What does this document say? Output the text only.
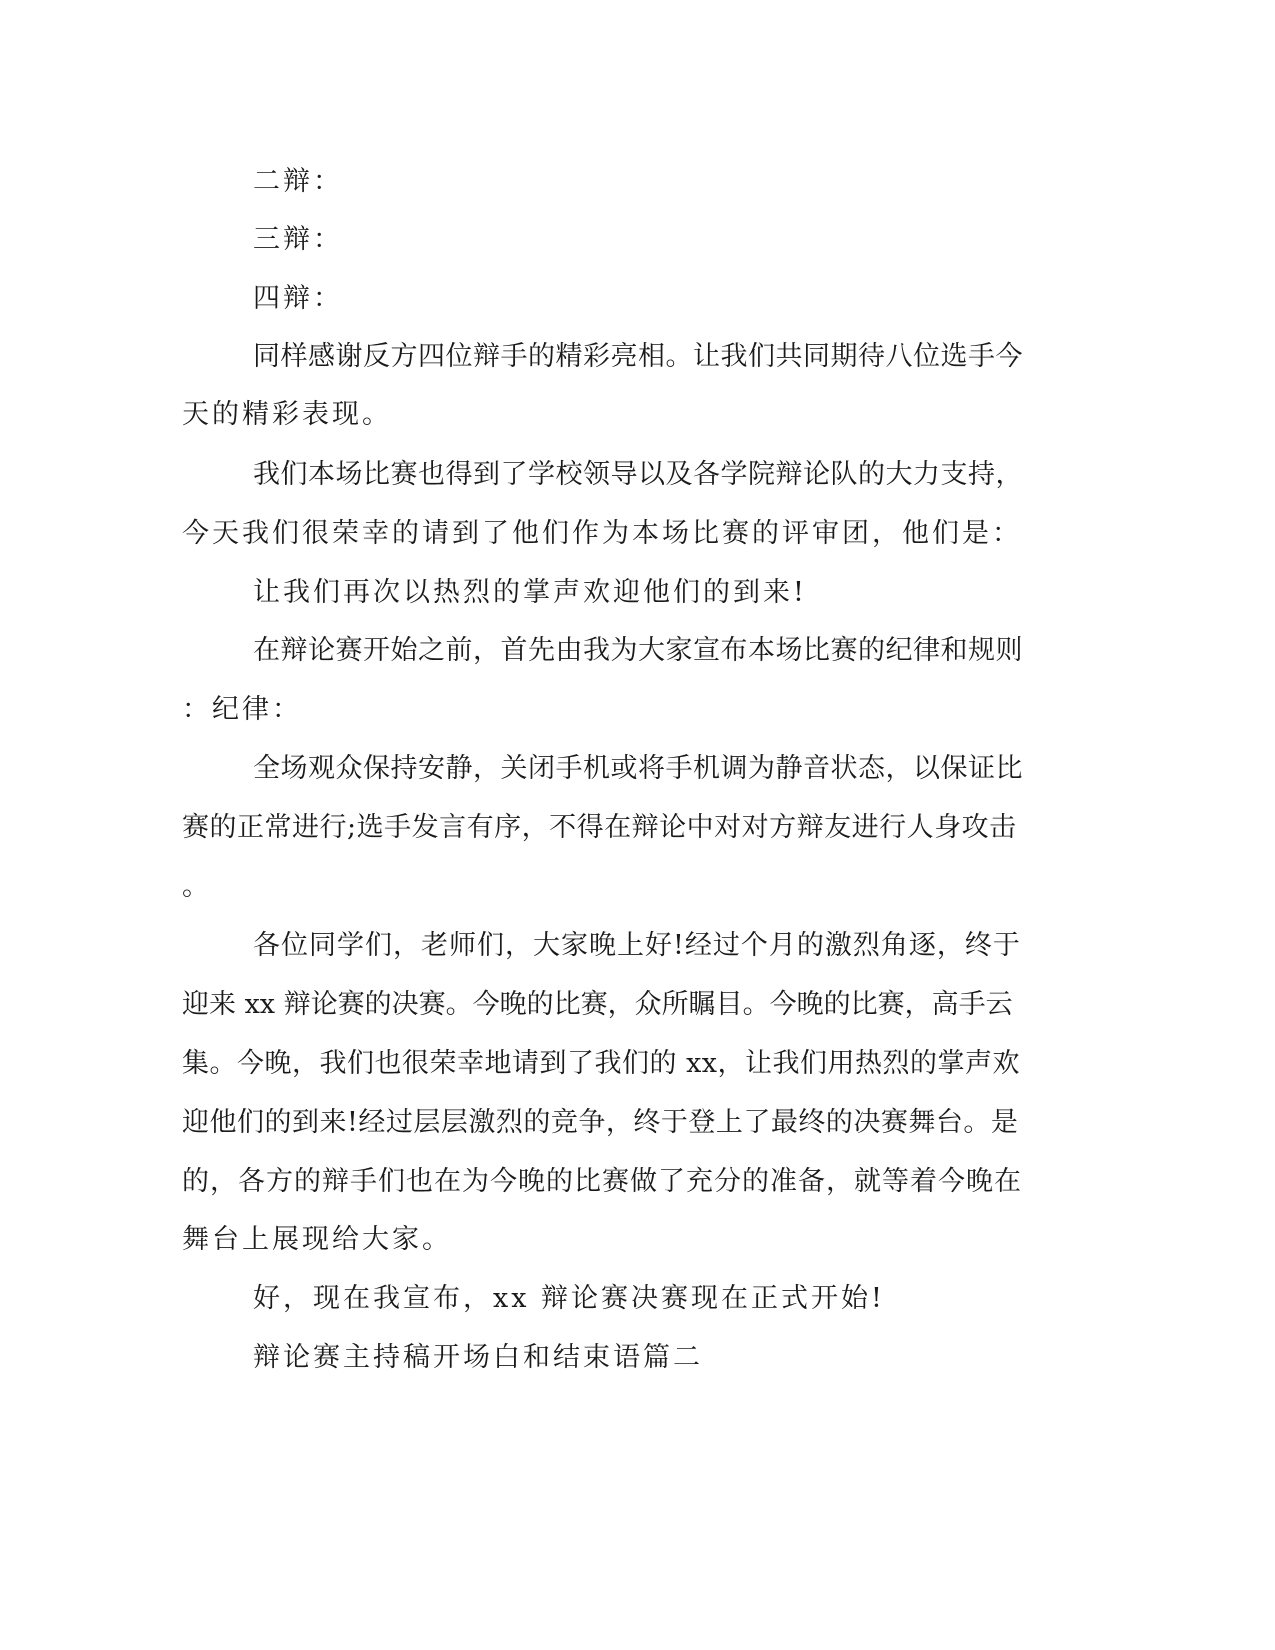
二辩：
三辩：
四辩：
同样感谢反方四位辩手的精彩亮相。让我们共同期待八位选手今
天的精彩表现。
我们本场比赛也得到了学校领导以及各学院辩论队的大力支持，
今天我们很荣幸的请到了他们作为本场比赛的评审团，他们是：
让我们再次以热烈的掌声欢迎他们的到来!
在辩论赛开始之前，首先由我为大家宣布本场比赛的纪律和规则
：纪律：
全场观众保持安静，关闭手机或将手机调为静音状态，以保证比
赛的正常进行;选手发言有序，不得在辩论中对对方辩友进行人身攻击
。
各位同学们，老师们，大家晚上好!经过个月的激烈角逐，终于
迎来 xx 辩论赛的决赛。今晚的比赛，众所瞩目。今晚的比赛，高手云
集。今晚，我们也很荣幸地请到了我们的 xx，让我们用热烈的掌声欢
迎他们的到来!经过层层激烈的竞争，终于登上了最终的决赛舞台。是
的，各方的辩手们也在为今晚的比赛做了充分的准备，就等着今晚在
舞台上展现给大家。
好，现在我宣布，xx 辩论赛决赛现在正式开始!
辩论赛主持稿开场白和结束语篇二
